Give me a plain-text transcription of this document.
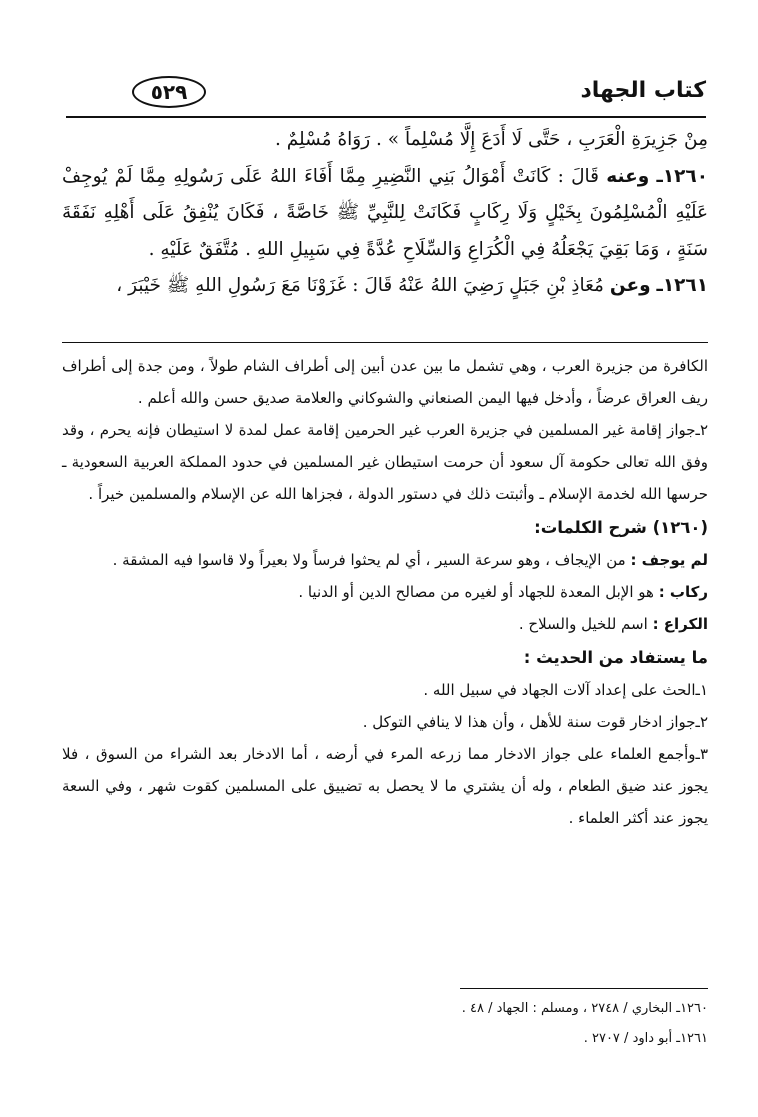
كتاب الجهاد
٥٢٩

مِنْ جَزِيرَةِ الْعَرَبِ ، حَتَّى لَا أَدَعَ إِلَّا مُسْلِماً » . رَوَاهُ مُسْلِمٌ .

١٢٦٠ـ وعنه قَالَ : كَانَتْ أَمْوَالُ بَنِي النَّضِيرِ مِمَّا أَفَاءَ اللهُ عَلَى رَسُولِهِ مِمَّا لَمْ يُوجِفْ عَلَيْهِ الْمُسْلِمُونَ بِخَيْلٍ وَلَا رِكَابٍ فَكَانَتْ لِلنَّبِيِّ ﷺ خَاصَّةً ، فَكَانَ يُنْفِقُ عَلَى أَهْلِهِ نَفَقَةَ سَنَةٍ ، وَمَا بَقِيَ يَجْعَلُهُ فِي الْكُرَاعِ وَالسِّلَاحِ عُدَّةً فِي سَبِيلِ اللهِ . مُتَّفَقٌ عَلَيْهِ .

١٢٦١ـ وعن مُعَاذِ بْنِ جَبَلٍ رَضِيَ اللهُ عَنْهُ قَالَ : غَزَوْنَا مَعَ رَسُولِ اللهِ ﷺ خَيْبَرَ ،

الكافرة من جزيرة العرب ، وهي تشمل ما بين عدن أبين إلى أطراف الشام طولاً ، ومن جدة إلى أطراف ريف العراق عرضاً ، وأدخل فيها اليمن الصنعاني والشوكاني والعلامة صديق حسن والله أعلم .

٢ـجواز إقامة غير المسلمين في جزيرة العرب غير الحرمين إقامة عمل لمدة لا استيطان فإنه يحرم ، وقد وفق الله تعالى حكومة آل سعود أن حرمت استيطان غير المسلمين في حدود المملكة العربية السعودية ـ حرسها الله لخدمة الإسلام ـ وأثبتت ذلك في دستور الدولة ، فجزاها الله عن الإسلام والمسلمين خيراً .

(١٢٦٠) شرح الكلمات:

لم يوجف : من الإيجاف ، وهو سرعة السير ، أي لم يحثوا فرساً ولا بعيراً ولا قاسوا فيه المشقة .

ركاب : هو الإبل المعدة للجهاد أو لغيره من مصالح الدين أو الدنيا .

الكراع : اسم للخيل والسلاح .

ما يستفاد من الحديث :

١ـالحث على إعداد آلات الجهاد في سبيل الله .

٢ـجواز ادخار قوت سنة للأهل ، وأن هذا لا ينافي التوكل .

٣ـوأجمع العلماء على جواز الادخار مما زرعه المرء في أرضه ، أما الادخار بعد الشراء من السوق ، فلا يجوز عند ضيق الطعام ، وله أن يشتري ما لا يحصل به تضييق على المسلمين كقوت شهر ، وفي السعة يجوز عند أكثر العلماء .

١٢٦٠ـ البخاري / ٢٧٤٨ ، ومسلم : الجهاد / ٤٨ .

١٢٦١ـ أبو داود / ٢٧٠٧ .
